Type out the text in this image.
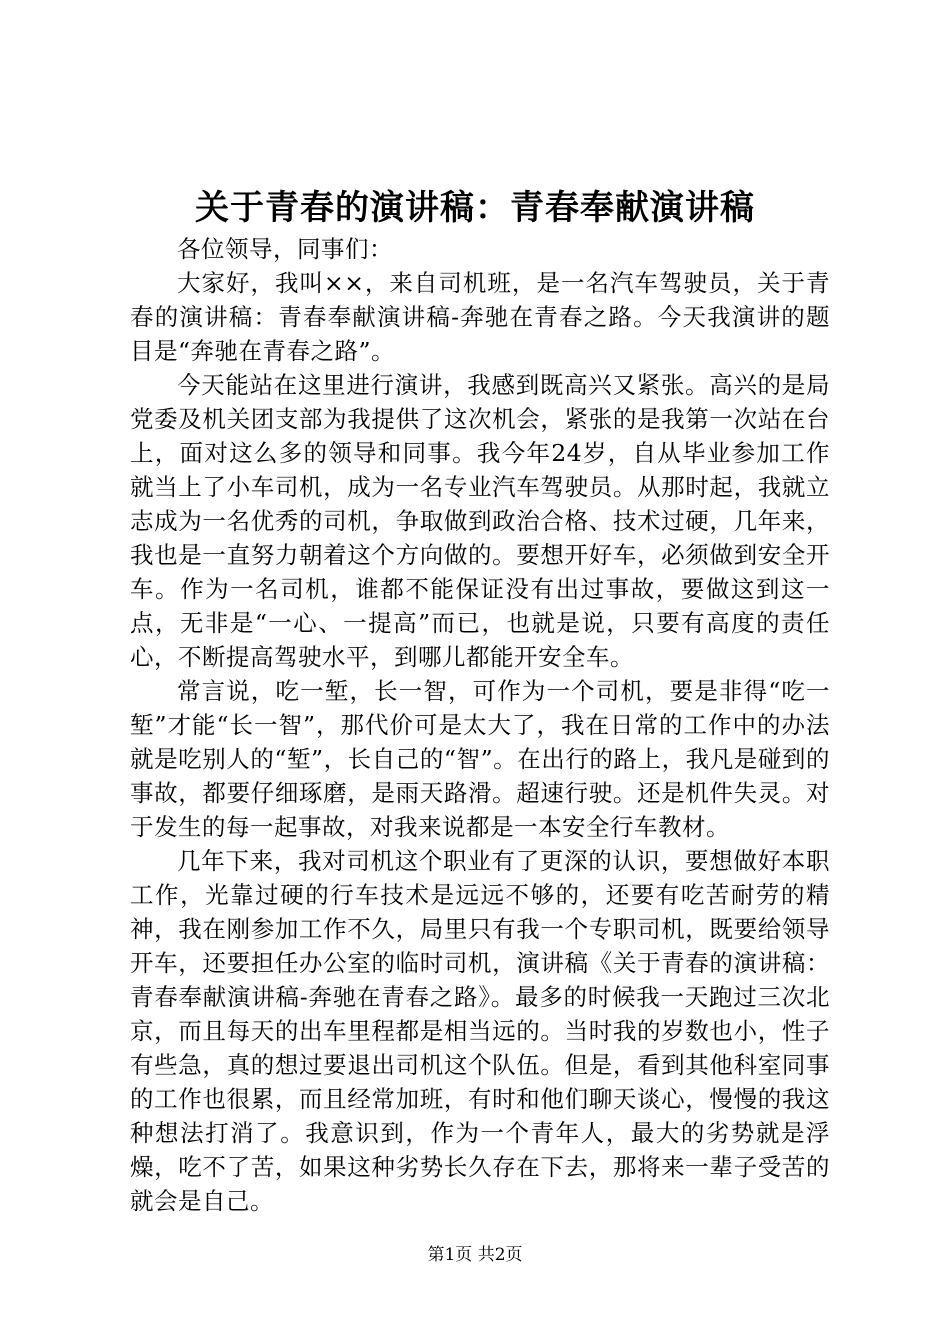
关于青春的演讲稿：青春奉献演讲稿

各位领导，同事们：

大家好，我叫××，来自司机班，是一名汽车驾驶员，关于青春的演讲稿：青春奉献演讲稿-奔驰在青春之路。今天我演讲的题目是“奔驰在青春之路”。

今天能站在这里进行演讲，我感到既高兴又紧张。高兴的是局党委及机关团支部为我提供了这次机会，紧张的是我第一次站在台上，面对这么多的领导和同事。我今年24岁，自从毕业参加工作就当上了小车司机，成为一名专业汽车驾驶员。从那时起，我就立志成为一名优秀的司机，争取做到政治合格、技术过硬，几年来，我也是一直努力朝着这个方向做的。要想开好车，必须做到安全开车。作为一名司机，谁都不能保证没有出过事故，要做这到这一点，无非是“一心、一提高”而已，也就是说，只要有高度的责任心，不断提高驾驶水平，到哪儿都能开安全车。

常言说，吃一堑，长一智，可作为一个司机，要是非得“吃一堑”才能“长一智”，那代价可是太大了，我在日常的工作中的办法就是吃别人的“堑”，长自己的“智”。在出行的路上，我凡是碰到的事故，都要仔细琢磨，是雨天路滑。超速行驶。还是机件失灵。对于发生的每一起事故，对我来说都是一本安全行车教材。

几年下来，我对司机这个职业有了更深的认识，要想做好本职工作，光靠过硬的行车技术是远远不够的，还要有吃苦耐劳的精神，我在刚参加工作不久，局里只有我一个专职司机，既要给领导开车，还要担任办公室的临时司机，演讲稿《关于青春的演讲稿：青春奉献演讲稿-奔驰在青春之路》。最多的时候我一天跑过三次北京，而且每天的出车里程都是相当远的。当时我的岁数也小，性子有些急，真的想过要退出司机这个队伍。但是，看到其他科室同事的工作也很累，而且经常加班，有时和他们聊天谈心，慢慢的我这种想法打消了。我意识到，作为一个青年人，最大的劣势就是浮燥，吃不了苦，如果这种劣势长久存在下去，那将来一辈子受苦的就会是自己。

第1页 共2页
